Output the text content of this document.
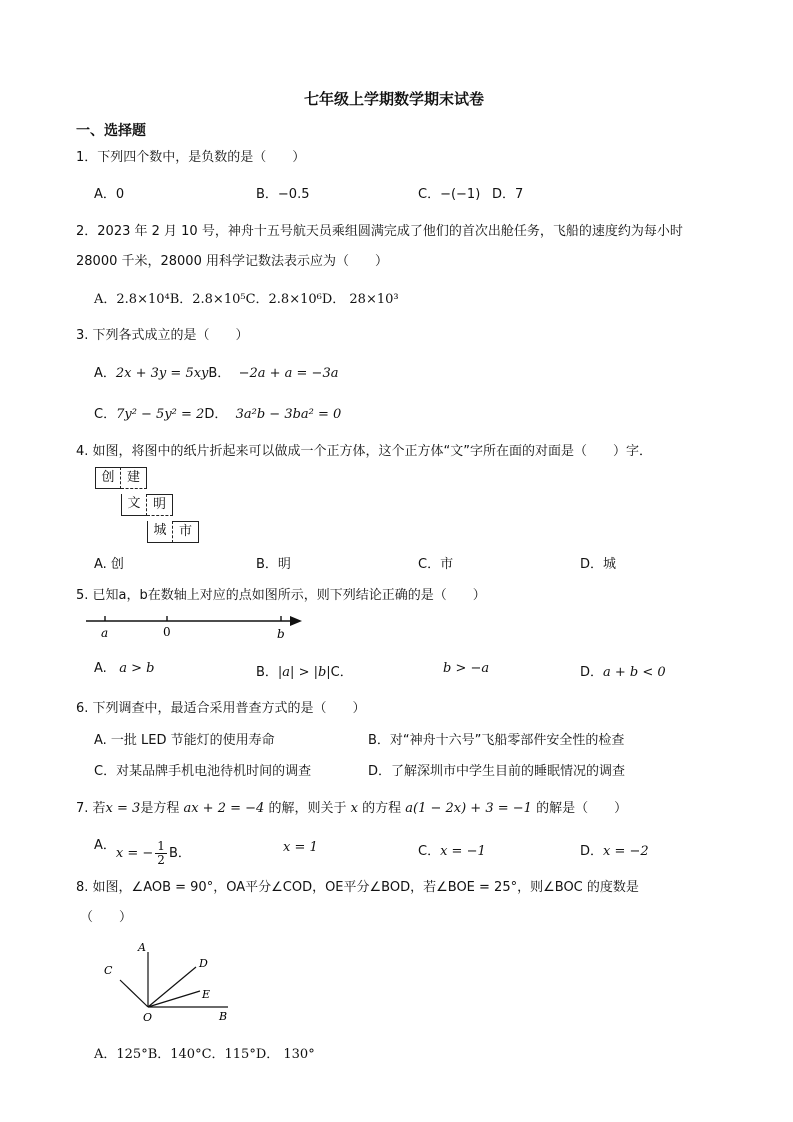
七年级上学期数学期末试卷
一、选择题
1．下列四个数中，是负数的是（　　）
A．0	B．−0.5	C．−(−1) D．7
2．2023 年 2 月 10 号，神舟十五号航天员乘组圆满完成了他们的首次出舱任务，飞船的速度约为每小时
28000 千米，28000 用科学记数法表示应为（　　）
A．2.8×10⁴B．2.8×10⁵C．2.8×10⁶D． 28×10³
3. 下列各式成立的是（　　）
A．2x + 3y = 5xyB． −2a + a = −3a
C．7y² − 5y² = 2D． 3a²b − 3ba² = 0
4. 如图，将图中的纸片折起来可以做成一个正方体，这个正方体“文”字所在面的对面是（　　）字．
创 建
文 明
城 市
A. 创	B．明	C．市	D．城
5. 已知a，b在数轴上对应的点如图所示，则下列结论正确的是（　　）
a	0	b
A. a > b	B．|a| > |b|C．	b > −a	D．a + b < 0
6. 下列调查中，最适合采用普查方式的是（　　）
A. 一批 LED 节能灯的使用寿命	B．对“神舟十六号”飞船零部件安全性的检查
C．对某品牌手机电池待机时间的调查	D．了解深圳市中学生目前的睡眠情况的调查
7. 若x = 3是方程 ax + 2 = −4 的解，则关于 x 的方程 a(1 − 2x) + 3 = −1 的解是（　　）
A．x = − $\frac{1}{2}$ B．	x = 1	C．x = −1	D．x = −2
8. 如图，∠AOB = 90°，OA平分∠COD，OE平分∠BOD，若∠BOE = 25°，则∠BOC 的度数是
（　　）
A
B
C
D
E
O
A．125°B．140°C．115°D． 130°
